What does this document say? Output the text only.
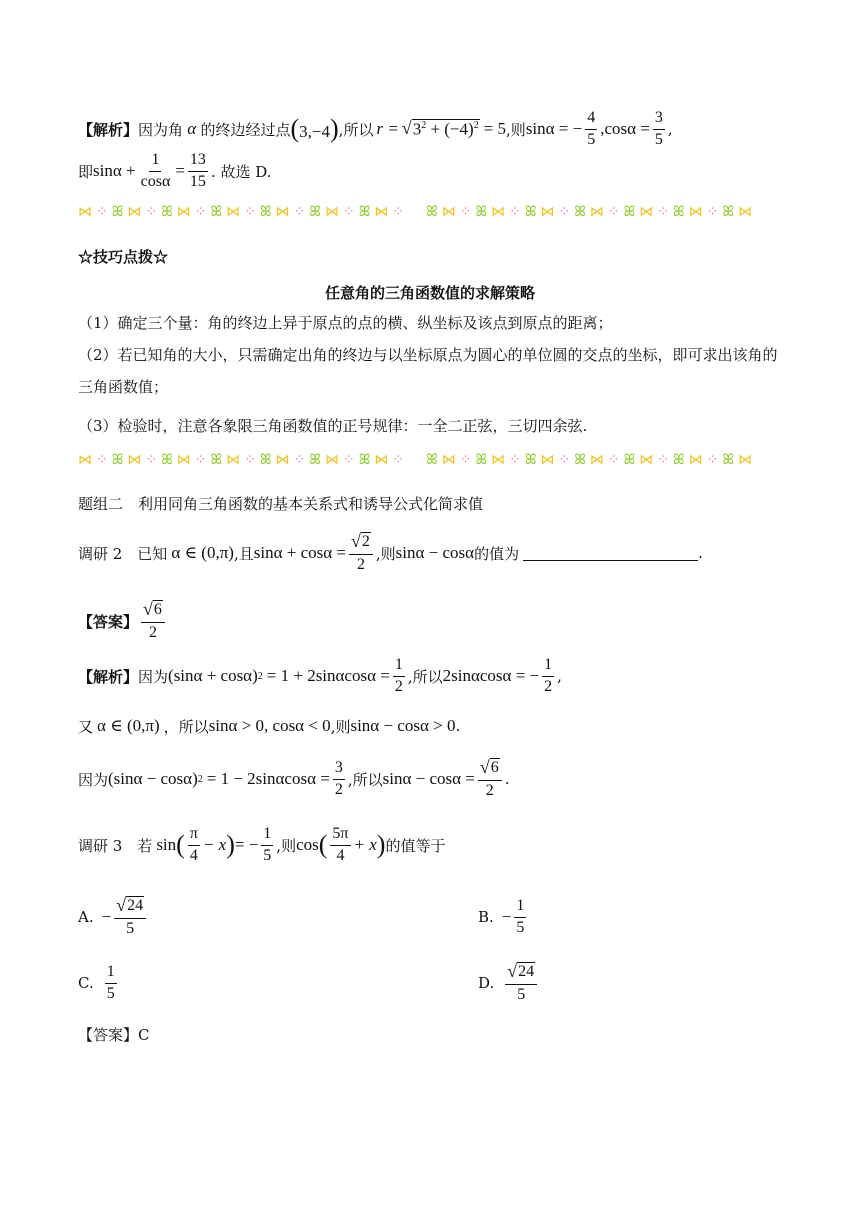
【解析】 因为角 α 的终边经过点 (3,−4) ,所以 r = √ $3^2 + (-4)^2 = 5$ ,则 sinα = − $\frac{4}{5} ,\cos\alpha = \frac{3}{5}$ ,
即 $\sin\alpha + \frac{1}{\cos\alpha} = \frac{13}{15}$ . 故选 D.
⋈ ⁘ ꕤ ⋈ ⁘ ꕤ ⋈ ⁘ ꕤ ⋈ ⁘ ꕤ ⋈ ⁘ ꕤ ⋈ ⁘ ꕤ ⋈ ⁘ ꕤ ⋈ ⁘ ꕤ ⋈ ⁘ ꕤ ⋈ ⁘ ꕤ ⋈ ⁘ ꕤ ⋈ ⁘ ꕤ ⋈ ⁘ ꕤ ⋈
☆技巧点拨☆
任意角的三角函数值的求解策略
（1）确定三个量：角的终边上异于原点的点的横、纵坐标及该点到原点的距离；
（2）若已知角的大小，只需确定出角的终边与以坐标原点为圆心的单位圆的交点的坐标，即可求出该角的
三角函数值；
（3）检验时，注意各象限三角函数值的正号规律：一全二正弦，三切四余弦.
⋈ ⁘ ꕤ ⋈ ⁘ ꕤ ⋈ ⁘ ꕤ ⋈ ⁘ ꕤ ⋈ ⁘ ꕤ ⋈ ⁘ ꕤ ⋈ ⁘ ꕤ ⋈ ⁘ ꕤ ⋈ ⁘ ꕤ ⋈ ⁘ ꕤ ⋈ ⁘ ꕤ ⋈ ⁘ ꕤ ⋈ ⁘ ꕤ ⋈
题组二　利用同角三角函数的基本关系式和诱导公式化简求值
调研 2　已知 α ∈ (0,π) ,且 $\sin\alpha + \cos\alpha = \frac{√ 2}{2}$ ,则 sinα − cosα 的值为	.
【答案】 $\frac{√ 6}{2}$
【解析】 因为 (sinα + cosα) $2 = 1 + 2\sin\alpha\cos\alpha = \frac{1}{2}$ ,所以 2sinαcosα = − $\frac{1}{2}$ ,
又 α ∈ (0,π) ，所以 sinα > 0, cosα < 0 ,则 sinα − cosα > 0 .
因为 (sinα − cosα) $2 = 1 - 2\sin\alpha\cos\alpha = \frac{3}{2}$ ,所以 $\sin\alpha - \cos\alpha = \frac{√ 6}{2}$ .
调研 3　若 sin ( $\frac{\pi}{4} - x$ ) = − $\frac{1}{5}$ ,则 cos ( $\frac{5\pi}{4} + x$ ) 的值等于
A. − $\frac{√ 24}{5}$	B. − $\frac{1}{5}$
C. $\frac{1}{5}$	D. $\frac{√ 24}{5}$
【答案】C
